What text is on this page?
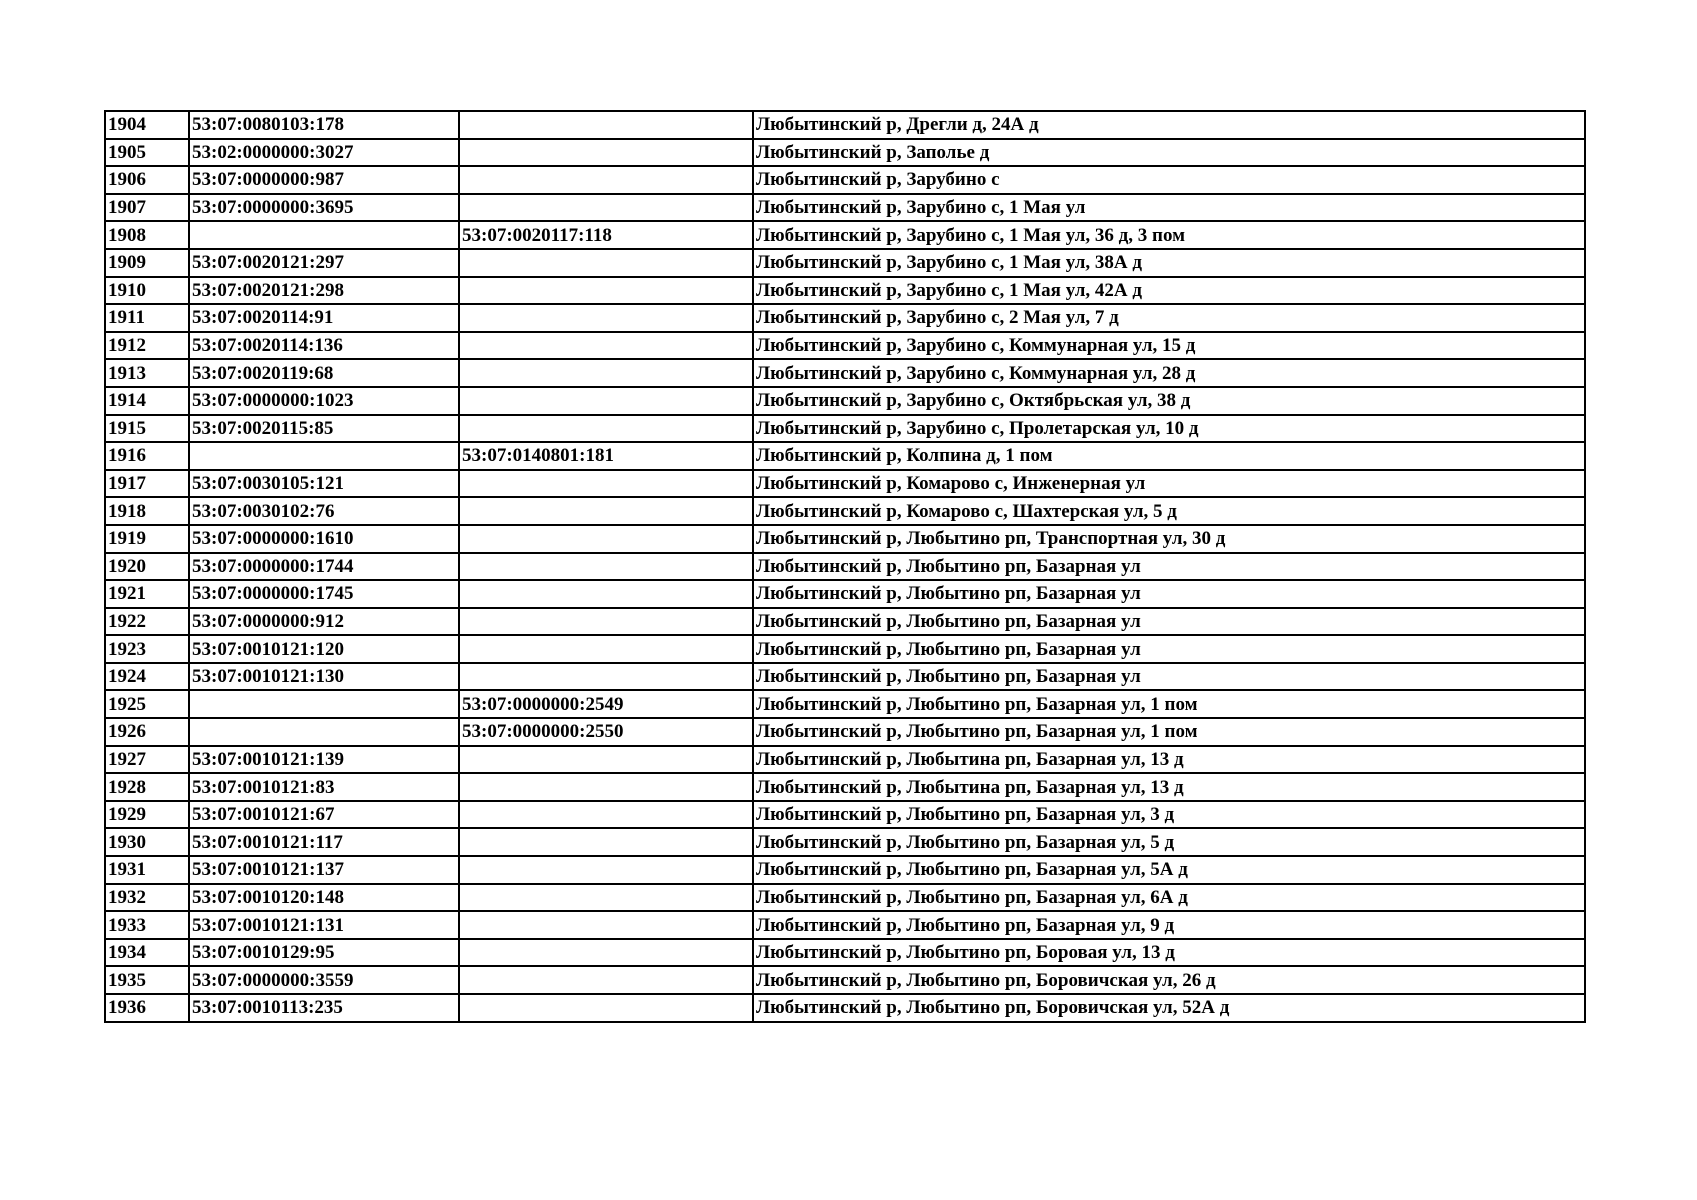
1904	53:07:0080103:178		Любытинский р, Дрегли д, 24А д
1905	53:02:0000000:3027		Любытинский р, Заполье д
1906	53:07:0000000:987		Любытинский р, Зарубино с
1907	53:07:0000000:3695		Любытинский р, Зарубино с, 1 Мая ул
1908		53:07:0020117:118	Любытинский р, Зарубино с, 1 Мая ул, 36 д, 3 пом
1909	53:07:0020121:297		Любытинский р, Зарубино с, 1 Мая ул, 38А д
1910	53:07:0020121:298		Любытинский р, Зарубино с, 1 Мая ул, 42А д
1911	53:07:0020114:91		Любытинский р, Зарубино с, 2 Мая ул, 7 д
1912	53:07:0020114:136		Любытинский р, Зарубино с, Коммунарная ул, 15 д
1913	53:07:0020119:68		Любытинский р, Зарубино с, Коммунарная ул, 28 д
1914	53:07:0000000:1023		Любытинский р, Зарубино с, Октябрьская ул, 38 д
1915	53:07:0020115:85		Любытинский р, Зарубино с, Пролетарская ул, 10 д
1916		53:07:0140801:181	Любытинский р, Колпина д, 1 пом
1917	53:07:0030105:121		Любытинский р, Комарово с, Инженерная ул
1918	53:07:0030102:76		Любытинский р, Комарово с, Шахтерская ул, 5 д
1919	53:07:0000000:1610		Любытинский р, Любытино рп, Транспортная ул, 30 д
1920	53:07:0000000:1744		Любытинский р, Любытино рп, Базарная ул
1921	53:07:0000000:1745		Любытинский р, Любытино рп, Базарная ул
1922	53:07:0000000:912		Любытинский р, Любытино рп, Базарная ул
1923	53:07:0010121:120		Любытинский р, Любытино рп, Базарная ул
1924	53:07:0010121:130		Любытинский р, Любытино рп, Базарная ул
1925		53:07:0000000:2549	Любытинский р, Любытино рп, Базарная ул, 1 пом
1926		53:07:0000000:2550	Любытинский р, Любытино рп, Базарная ул, 1 пом
1927	53:07:0010121:139		Любытинский р, Любытина рп, Базарная ул, 13 д
1928	53:07:0010121:83		Любытинский р, Любытина рп, Базарная ул, 13 д
1929	53:07:0010121:67		Любытинский р, Любытино рп, Базарная ул, 3 д
1930	53:07:0010121:117		Любытинский р, Любытино рп, Базарная ул, 5 д
1931	53:07:0010121:137		Любытинский р, Любытино рп, Базарная ул, 5А д
1932	53:07:0010120:148		Любытинский р, Любытино рп, Базарная ул, 6А д
1933	53:07:0010121:131		Любытинский р, Любытино рп, Базарная ул, 9 д
1934	53:07:0010129:95		Любытинский р, Любытино рп, Боровая ул, 13 д
1935	53:07:0000000:3559		Любытинский р, Любытино рп, Боровичская ул, 26 д
1936	53:07:0010113:235		Любытинский р, Любытино рп, Боровичская ул, 52А д
